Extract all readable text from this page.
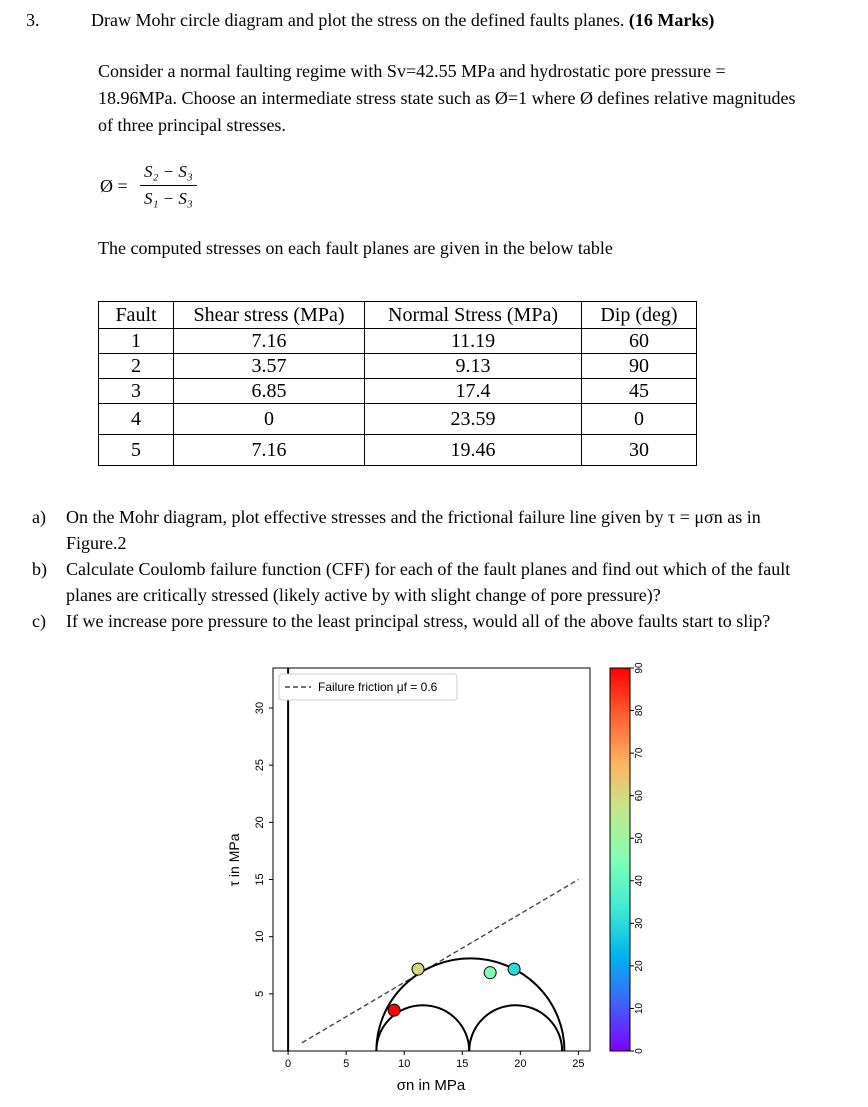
3.	Draw Mohr circle diagram and plot the stress on the defined faults planes. (16 Marks)
Consider a normal faulting regime with Sv=42.55 MPa and hydrostatic pore pressure = 18.96MPa. Choose an intermediate stress state such as Ø=1 where Ø defines relative magnitudes of three principal stresses.
Ø = $\frac{\text{S₂ − S₃}}{\text{S₁ − S₃}}$
The computed stresses on each fault planes are given in the below table
Fault	Shear stress (MPa)	Normal Stress (MPa)	Dip (deg)
1	7.16	11.19	60
2	3.57	9.13	90
3	6.85	17.4	45
4	0	23.59	0
5	7.16	19.46	30
a) On the Mohr diagram, plot effective stresses and the frictional failure line given by τ = μσn as in Figure.2
b) Calculate Coulomb failure function (CFF) for each of the fault planes and find out which of the fault planes are critically stressed (likely active by with slight change of pore pressure)?
c) If we increase pore pressure to the least principal stress, would all of the above faults start to slip?
τ in MPa
σn in MPa
0	5	10	15	20	25
5
10
15
20
25
30
Failure friction μf = 0.6
0
10
20
30
40
50
60
70
80
90
